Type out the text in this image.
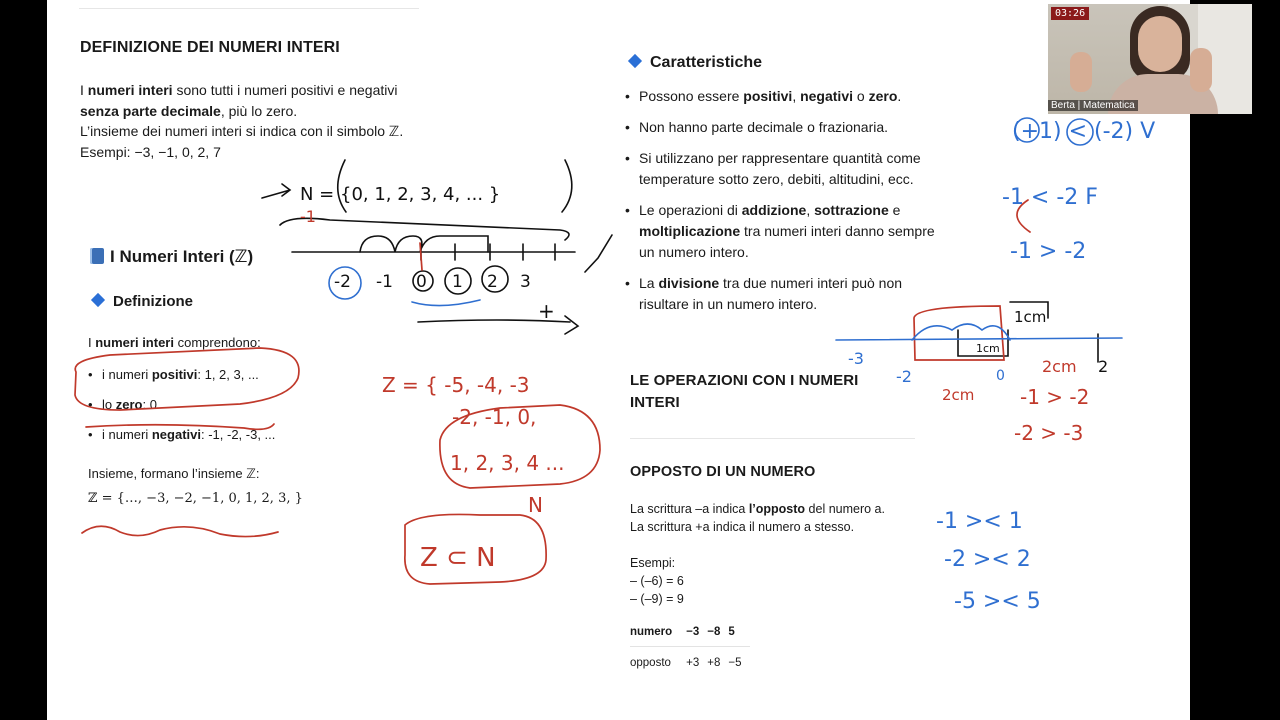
DEFINIZIONE DEI NUMERI INTERI
I numeri interi sono tutti i numeri positivi e negativi senza parte decimale, più lo zero.
L’insieme dei numeri interi si indica con il simbolo ℤ.
Esempi: −3, −1, 0, 2, 7
I Numeri Interi (ℤ)
Definizione
I numeri interi comprendono:
• i numeri positivi: 1, 2, 3, ...
• lo zero: 0
• i numeri negativi: -1, -2, -3, ...
Insieme, formano l’insieme ℤ:
ℤ = {…, −3, −2, −1, 0, 1, 2, 3, }
Caratteristiche
• Possono essere positivi, negativi o zero.
• Non hanno parte decimale o frazionaria.
• Si utilizzano per rappresentare quantità come temperature sotto zero, debiti, altitudini, ecc.
• Le operazioni di addizione, sottrazione e moltiplicazione tra numeri interi danno sempre un numero intero.
• La divisione tra due numeri interi può non risultare in un numero intero.
LE OPERAZIONI CON I NUMERI INTERI
OPPOSTO DI UN NUMERO
La scrittura –a indica l’opposto del numero a.
La scrittura +a indica il numero a stesso.

Esempi:
– (–6) = 6
– (–9) = 9
numero	−3	−8	5
opposto	+3	+8	−5
N = {0, 1, 2, 3, 4, ... }
-2 -1 0 1 2 3
+	1cm
2
1cm
Z = { -5, -4, -3
-2, -1, 0,
1, 2, 3, 4 ...
N
Z ⊂ N
2cm
2cm -1 > -2
-2 > -3
-1
(+1) < (-2) V
-1 < -2 F
-1 > -2
-1 >< 1
-2 >< 2
-5 >< 5
-3
-2	0
03:26
Berta | Matematica
